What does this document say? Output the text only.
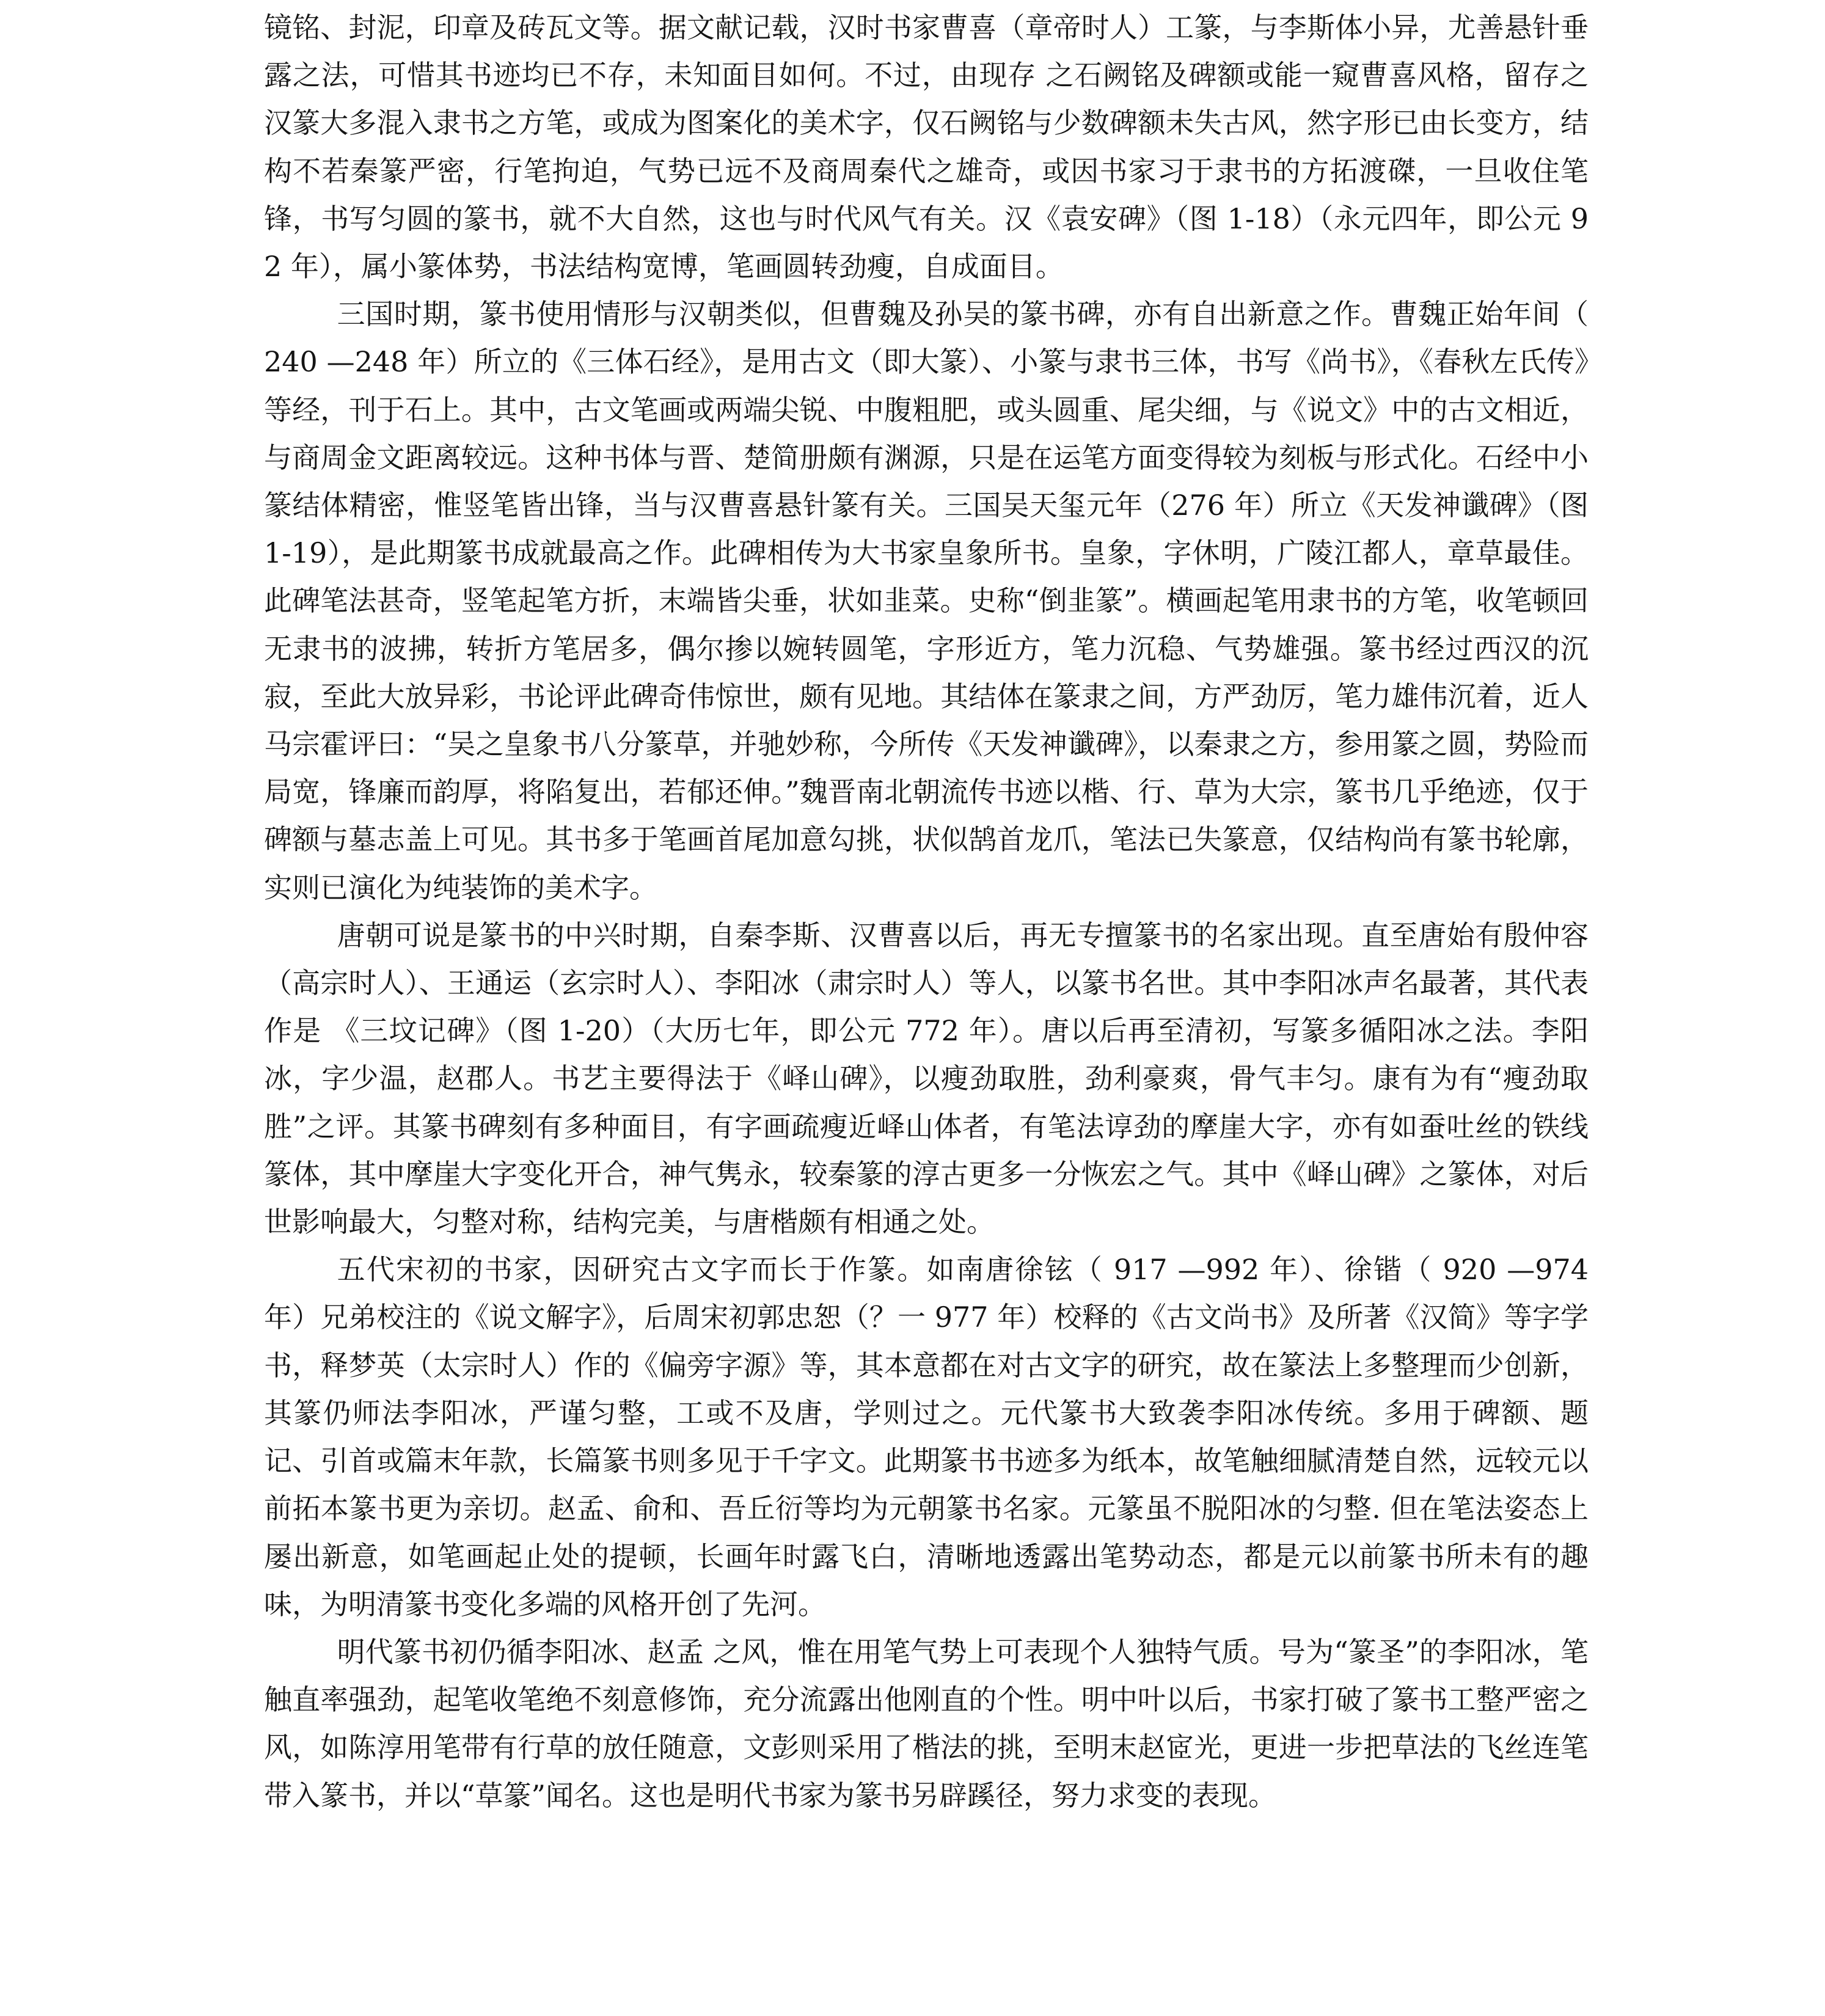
镜铭、封泥，印章及砖瓦文等。据文献记载，汉时书家曹喜（章帝时人）工篆，与李斯体小异，尤善悬针垂露之法，可惜其书迹均已不存，未知面目如何。不过，由现存 之石阙铭及碑额或能一窥曹喜风格，留存之汉篆大多混入隶书之方笔，或成为图案化的美术字，仅石阙铭与少数碑额未失古风，然字形已由长变方，结构不若秦篆严密，行笔拘迫，气势已远不及商周秦代之雄奇，或因书家习于隶书的方拓渡磔，一旦收住笔锋，书写匀圆的篆书，就不大自然，这也与时代风气有关。汉《袁安碑》（图 1-18）（永元四年，即公元 92 年），属小篆体势，书法结构宽博，笔画圆转劲瘦，自成面目。

三国时期，篆书使用情形与汉朝类似，但曹魏及孙吴的篆书碑，亦有自出新意之作。曹魏正始年间（ 240 —248 年）所立的《三体石经》，是用古文（即大篆）、小篆与隶书三体，书写《尚书》，《春秋左氏传》等经，刊于石上。其中，古文笔画或两端尖锐、中腹粗肥，或头圆重、尾尖细，与《说文》中的古文相近，与商周金文距离较远。这种书体与晋、楚简册颇有渊源，只是在运笔方面变得较为刻板与形式化。石经中小篆结体精密，惟竖笔皆出锋，当与汉曹喜悬针篆有关。三国吴天玺元年（276 年）所立《天发神谶碑》（图 1-19），是此期篆书成就最高之作。此碑相传为大书家皇象所书。皇象，字休明，广陵江都人，章草最佳。此碑笔法甚奇，竖笔起笔方折，末端皆尖垂，状如韭菜。史称“倒韭篆”。横画起笔用隶书的方笔，收笔顿回无隶书的波拂，转折方笔居多，偶尔掺以婉转圆笔，字形近方，笔力沉稳、气势雄强。篆书经过西汉的沉寂，至此大放异彩，书论评此碑奇伟惊世，颇有见地。其结体在篆隶之间，方严劲厉，笔力雄伟沉着，近人马宗霍评曰：“吴之皇象书八分篆草，并驰妙称，今所传《天发神谶碑》，以秦隶之方，参用篆之圆，势险而局宽，锋廉而韵厚，将陷复出，若郁还伸。”魏晋南北朝流传书迹以楷、行、草为大宗，篆书几乎绝迹，仅于碑额与墓志盖上可见。其书多于笔画首尾加意勾挑，状似鹄首龙爪，笔法已失篆意，仅结构尚有篆书轮廓，实则已演化为纯装饰的美术字。

唐朝可说是篆书的中兴时期，自秦李斯、汉曹喜以后，再无专擅篆书的名家出现。直至唐始有殷仲容（高宗时人）、王通运（玄宗时人）、李阳冰（肃宗时人）等人，以篆书名世。其中李阳冰声名最著，其代表作是 《三坟记碑》（图 1-20）（大历七年，即公元 772 年）。唐以后再至清初，写篆多循阳冰之法。李阳冰，字少温，赵郡人。书艺主要得法于《峄山碑》，以瘦劲取胜，劲利豪爽，骨气丰匀。康有为有“瘦劲取胜”之评。其篆书碑刻有多种面目，有字画疏瘦近峄山体者，有笔法谆劲的摩崖大字，亦有如蚕吐丝的铁线篆体，其中摩崖大字变化开合，神气隽永，较秦篆的淳古更多一分恢宏之气。其中《峄山碑》之篆体，对后世影响最大，匀整对称，结构完美，与唐楷颇有相通之处。

五代宋初的书家，因研究古文字而长于作篆。如南唐徐铉（ 917 —992 年）、徐锴（ 920 —974 年）兄弟校注的《说文解字》，后周宋初郭忠恕（？一 977 年）校释的《古文尚书》及所著《汉简》等字学书，释梦英（太宗时人）作的《偏旁字源》等，其本意都在对古文字的研究，故在篆法上多整理而少创新，其篆仍师法李阳冰，严谨匀整，工或不及唐，学则过之。元代篆书大致袭李阳冰传统。多用于碑额、题 记、引首或篇末年款，长篇篆书则多见于千字文。此期篆书书迹多为纸本，故笔触细腻清楚自然，远较元以前拓本篆书更为亲切。赵孟、俞和、吾丘衍等均为元朝篆书名家。元篆虽不脱阳冰的匀整. 但在笔法姿态上屡出新意，如笔画起止处的提顿，长画年时露飞白，清晰地透露出笔势动态，都是元以前篆书所未有的趣味，为明清篆书变化多端的风格开创了先河。

明代篆书初仍循李阳冰、赵孟 之风，惟在用笔气势上可表现个人独特气质。号为“篆圣”的李阳冰，笔触直率强劲，起笔收笔绝不刻意修饰，充分流露出他刚直的个性。明中叶以后，书家打破了篆书工整严密之风，如陈淳用笔带有行草的放任随意，文彭则采用了楷法的挑，至明末赵宧光，更进一步把草法的飞丝连笔带入篆书，并以“草篆”闻名。这也是明代书家为篆书另辟蹊径，努力求变的表现。
